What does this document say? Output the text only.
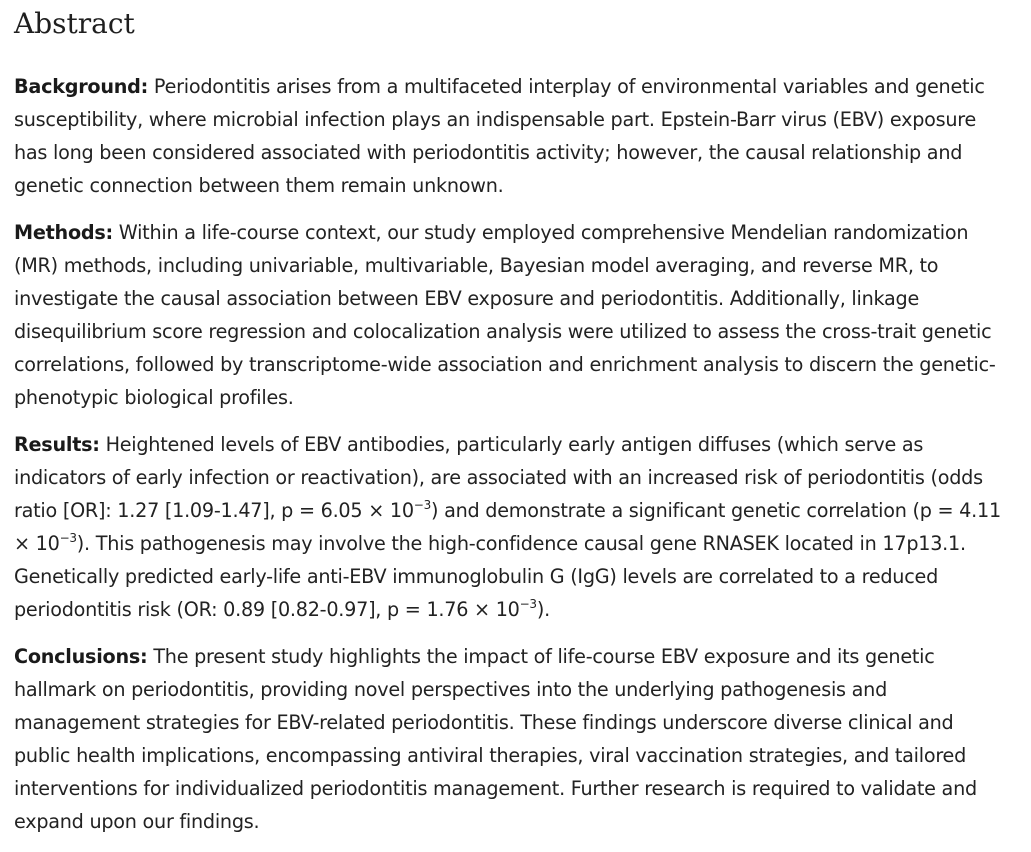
Abstract

Background: Periodontitis arises from a multifaceted interplay of environmental variables and genetic susceptibility, where microbial infection plays an indispensable part. Epstein-Barr virus (EBV) exposure has long been considered associated with periodontitis activity; however, the causal relationship and genetic connection between them remain unknown.

Methods: Within a life-course context, our study employed comprehensive Mendelian randomization (MR) methods, including univariable, multivariable, Bayesian model averaging, and reverse MR, to investigate the causal association between EBV exposure and periodontitis. Additionally, linkage disequilibrium score regression and colocalization analysis were utilized to assess the cross-trait genetic correlations, followed by transcriptome-wide association and enrichment analysis to discern the genetic-phenotypic biological profiles.

Results: Heightened levels of EBV antibodies, particularly early antigen diffuses (which serve as indicators of early infection or reactivation), are associated with an increased risk of periodontitis (odds ratio [OR]: 1.27 [1.09-1.47], $p = 6.05 \times 10^{-3}$) and demonstrate a significant genetic correlation $(p = 4.11 \times 10^{-3})$. This pathogenesis may involve the high-confidence causal gene RNASEK located in 17p13.1. Genetically predicted early-life anti-EBV immunoglobulin G (IgG) levels are correlated to a reduced periodontitis risk (OR: 0.89 [0.82-0.97], $p = 1.76 \times 10^{-3}$).

Conclusions: The present study highlights the impact of life-course EBV exposure and its genetic hallmark on periodontitis, providing novel perspectives into the underlying pathogenesis and management strategies for EBV-related periodontitis. These findings underscore diverse clinical and public health implications, encompassing antiviral therapies, viral vaccination strategies, and tailored interventions for individualized periodontitis management. Further research is required to validate and expand upon our findings.
